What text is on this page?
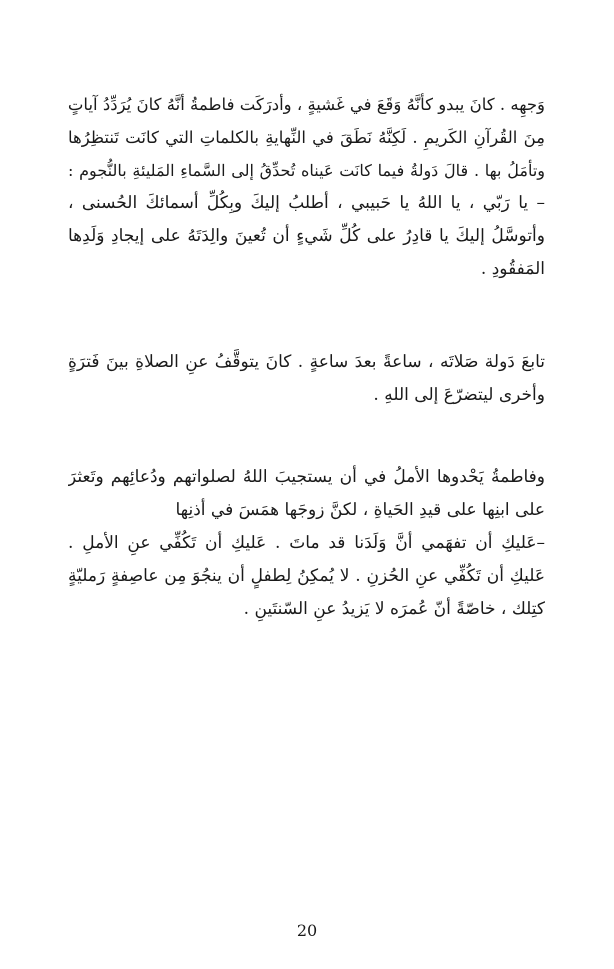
وَجهِه . كانَ يبدو كأنَّهُ وَقَعَ في غَشيةٍ ، وأدرَكَت فاطمةُ أنَّهُ كانَ يُرَدِّدُ آياتٍ
مِنَ القُرآنِ الكَريمِ . لَكِنَّهُ نَطَقَ في النِّهايةِ بالكلماتِ التي كانَت تَنتظِرُها
وتأمَلُ بها . قالَ دَولةُ فيما كانَت عَيناه تُحدِّقُ إلى السَّماءِ المَليئةِ بالنُّجوم :
– يا رَبّي ، يا اللهُ يا حَبيبي ، أطلبُ إليكَ وبِكُلِّ أسمائكَ الحُسنى ،
وأتوسَّلُ إليكَ يا قادِرُ على كُلِّ شَيءٍ أن تُعينَ والِدَتَهُ على إيجادِ وَلَدِها
المَفقُودِ .
تابعَ دَولة صَلاتَه ، ساعةً بعدَ ساعةٍ . كانَ يتوقَّفُ عنِ الصلاةِ بينَ فَترَةٍ
وأخرى ليتضرّعَ إلى اللهِ .
وفاطمةُ يَحْدوها الأملُ في أن يستجيبَ اللهُ لصلواتهم ودُعائِهم وتَعثرَ
على ابنِها على قيدِ الحَياةِ ، لكنَّ زوجَها همَسَ في أذنِها
–عَليكِ أن تفهَمي أنَّ وَلَدَنا قد ماتَ . عَليكِ أن تَكُفِّي عنِ الأملِ .
عَليكِ أن تَكُفِّي عنِ الحُزنِ . لا يُمكِنُ لِطفلٍ أن ينجُوَ مِن عاصِفةٍ رَمليّةٍ
كتِلك ، خاصّةً أنّ عُمرَه لا يَزيدُ عنِ السّنتَينِ .
20
